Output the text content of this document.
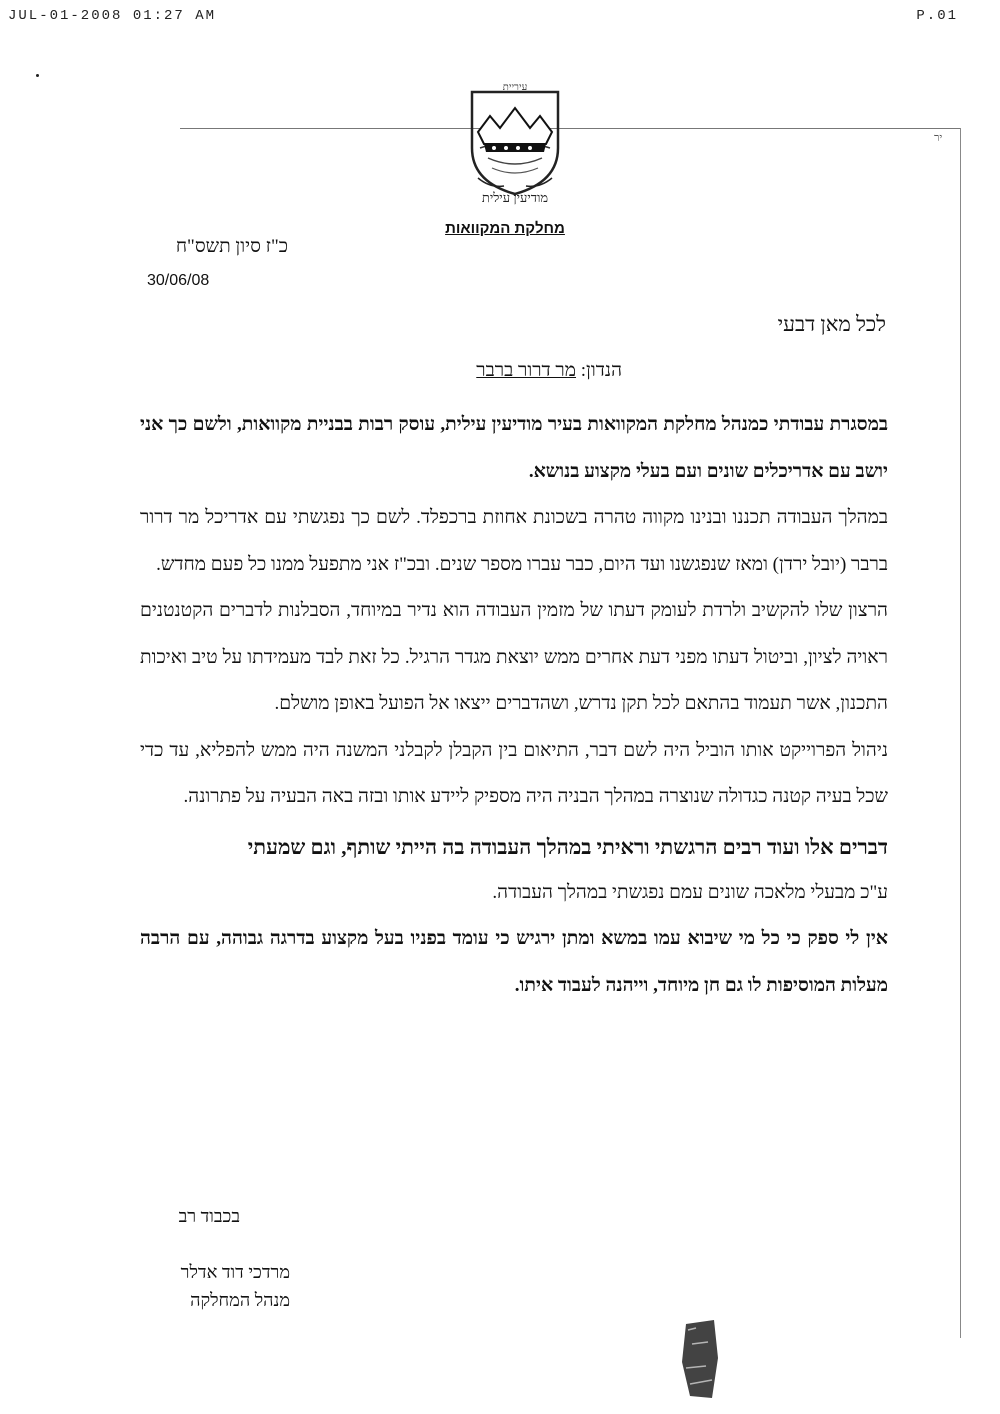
JUL-01-2008 01:27 AM	P.01
יר
עיריית
מודיעין עילית
מחלקת המקוואות
כ"ז סיון תשס"ח
30/06/08
לכל מאן דבעי
הנדון: מר דרור ברבר

במסגרת עבודתי כמנהל מחלקת המקוואות בעיר מודיעין עילית, עוסק רבות בבניית מקוואות, ולשם כך אני יושב עם אדריכלים שונים ועם בעלי מקצוע בנושא.

במהלך העבודה תכננו ובנינו מקווה טהרה בשכונת אחוזת ברכפלד. לשם כך נפגשתי עם אדריכל מר דרור ברבר (יובל ירדן) ומאז שנפגשנו ועד היום, כבר עברו מספר שנים. ובכ"ז אני מתפעל ממנו כל פעם מחדש.

הרצון שלו להקשיב ולרדת לעומק דעתו של מזמין העבודה הוא נדיר במיוחד, הסבלנות לדברים הקטנטנים ראויה לציון, וביטול דעתו מפני דעת אחרים ממש יוצאת מגדר הרגיל. כל זאת לבד מעמידתו על טיב ואיכות התכנון, אשר תעמוד בהתאם לכל תקן נדרש, ושהדברים ייצאו אל הפועל באופן מושלם.

ניהול הפרוייקט אותו הוביל היה לשם דבר, התיאום בין הקבלן לקבלני המשנה היה ממש להפליא, עד כדי שכל בעיה קטנה כגדולה שנוצרה במהלך הבניה היה מספיק ליידע אותו ובזה באה הבעיה על פתרונה.

דברים אלו ועוד רבים הרגשתי וראיתי במהלך העבודה בה הייתי שותף, וגם שמעתי

ע"כ מבעלי מלאכה שונים עמם נפגשתי במהלך העבודה.

אין לי ספק כי כל מי שיבוא עמו במשא ומתן ירגיש כי עומד בפניו בעל מקצוע בדרגה גבוהה, עם הרבה מעלות המוסיפות לו גם חן מיוחד, וייהנה לעבוד איתו.

בכבוד רב
מרדכי דוד אדלר
מנהל המחלקה
